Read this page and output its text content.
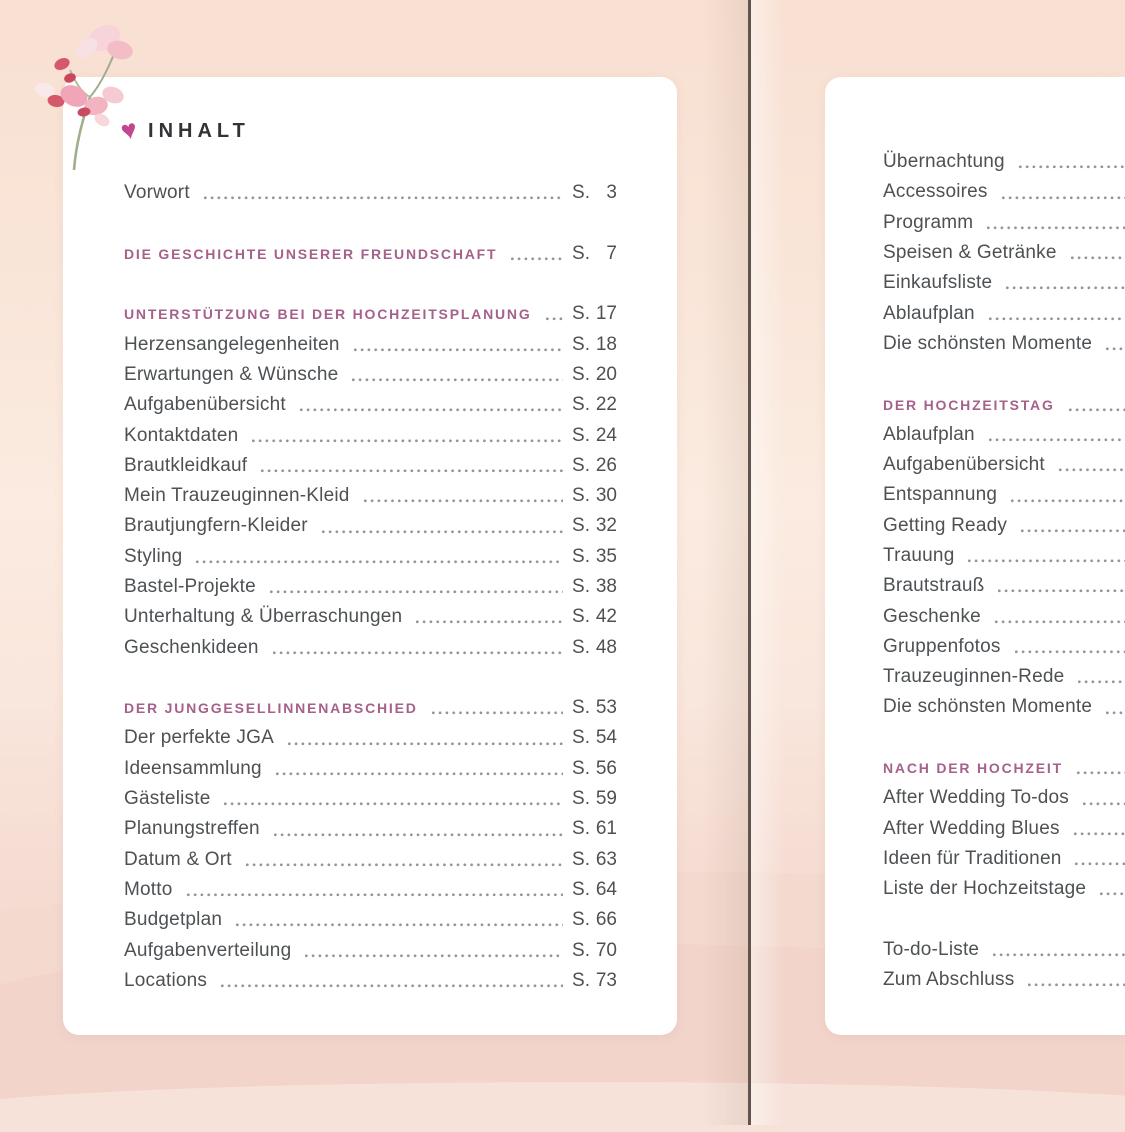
♥ INHALT
Vorwort	S. 3
DIE GESCHICHTE UNSERER FREUNDSCHAFT	S. 7
UNTERSTÜTZUNG BEI DER HOCHZEITSPLANUNG S. 17
Herzensangelegenheiten	S. 18
Erwartungen & Wünsche	S. 20
Aufgabenübersicht	S. 22
Kontaktdaten	S. 24
Brautkleidkauf	S. 26
Mein Trauzeuginnen-Kleid	S. 30
Brautjungfern-Kleider	S. 32
Styling	S. 35
Bastel-Projekte	S. 38
Unterhaltung & Überraschungen	S. 42
Geschenkideen	S. 48
DER JUNGGESELLINNENABSCHIED	S. 53
Der perfekte JGA	S. 54
Ideensammlung	S. 56
Gästeliste	S. 59
Planungstreffen	S. 61
Datum & Ort	S. 63
Motto	S. 64
Budgetplan	S. 66
Aufgabenverteilung	S. 70
Locations	S. 73
Übernachtung
Accessoires
Programm
Speisen & Getränke
Einkaufsliste
Ablaufplan
Die schönsten Momente
DER HOCHZEITSTAG
Ablaufplan
Aufgabenübersicht
Entspannung
Getting Ready
Trauung
Brautstrauß
Geschenke
Gruppenfotos
Trauzeuginnen-Rede
Die schönsten Momente
NACH DER HOCHZEIT
After Wedding To-dos
After Wedding Blues
Ideen für Traditionen
Liste der Hochzeitstage
To-do-Liste
Zum Abschluss
